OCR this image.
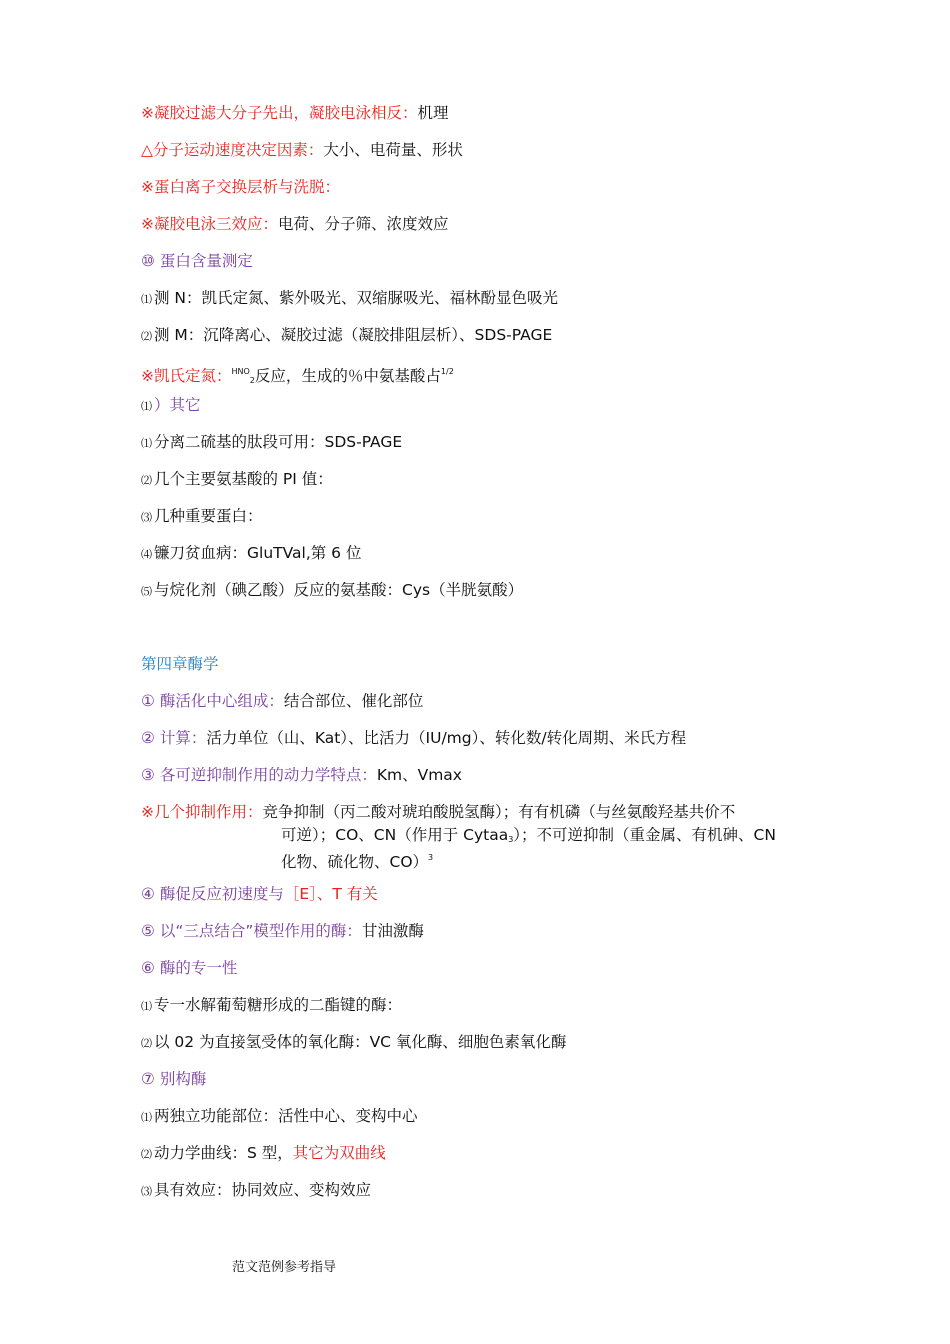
※凝胶过滤大分子先出，凝胶电泳相反：机理
△分子运动速度决定因素：大小、电荷量、形状
※蛋白离子交换层析与洗脱：
※凝胶电泳三效应：电荷、分子筛、浓度效应
⑩ 蛋白含量测定
⑴ 测 N：凯氏定氮、紫外吸光、双缩脲吸光、福林酚显色吸光
⑵ 测 M：沉降离心、凝胶过滤（凝胶排阻层析）、SDS-PAGE
※凯氏定氮：$^{HNO}_2$反应，生成的％中氨基酸占$^{1/2}$
⑴ ）其它
⑴ 分离二硫基的肽段可用：SDS-PAGE
⑵ 几个主要氨基酸的 PI 值：
⑶ 几种重要蛋白：
⑷ 镰刀贫血病：GluTVal,第 6 位
⑸ 与烷化剂（碘乙酸）反应的氨基酸：Cys（半胱氨酸）
第四章酶学
① 酶活化中心组成：结合部位、催化部位
② 计算：活力单位（山、Kat）、比活力（IU/mg）、转化数/转化周期、米氏方程
③ 各可逆抑制作用的动力学特点：Km、Vmax
※几个抑制作用：竞争抑制（丙二酸对琥珀酸脱氢酶）；有有机磷（与丝氨酸羟基共价不
可逆）；CO、CN（作用于 Cytaa$_3$）；不可逆抑制（重金属、有机砷、CN
化物、硫化物、CO）$^3$
④ 酶促反应初速度与［E］、T 有关
⑤ 以“三点结合”模型作用的酶：甘油激酶
⑥ 酶的专一性
⑴ 专一水解葡萄糖形成的二酯键的酶：
⑵ 以 02 为直接氢受体的氧化酶：VC 氧化酶、细胞色素氧化酶
⑦ 别构酶
⑴ 两独立功能部位：活性中心、变构中心
⑵ 动力学曲线：S 型，其它为双曲线
⑶ 具有效应：协同效应、变构效应
范文范例参考指导
